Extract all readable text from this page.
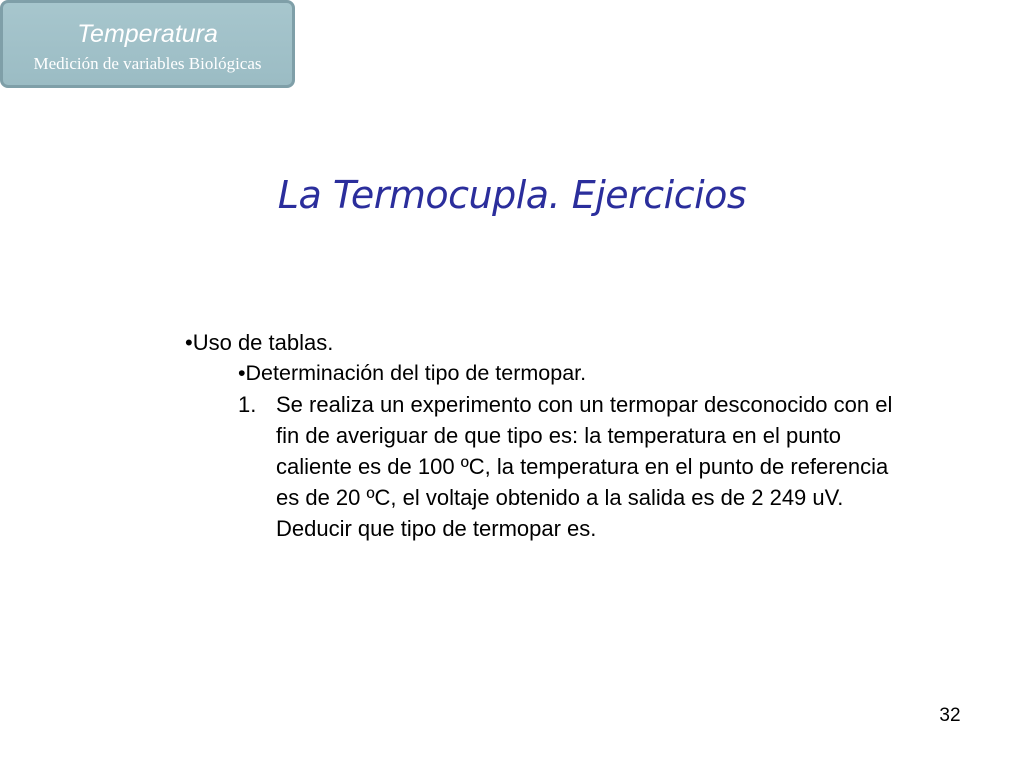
Temperatura
Medición de variables Biológicas
La Termocupla. Ejercicios
•Uso de tablas.
•Determinación del tipo de termopar.
1. Se realiza un experimento con un termopar desconocido con el fin de averiguar de que tipo es: la temperatura en el punto caliente es de 100 ºC, la temperatura en el punto de referencia es de 20 ºC, el voltaje obtenido a la salida es de 2 249 uV. Deducir que tipo de termopar es.
32
